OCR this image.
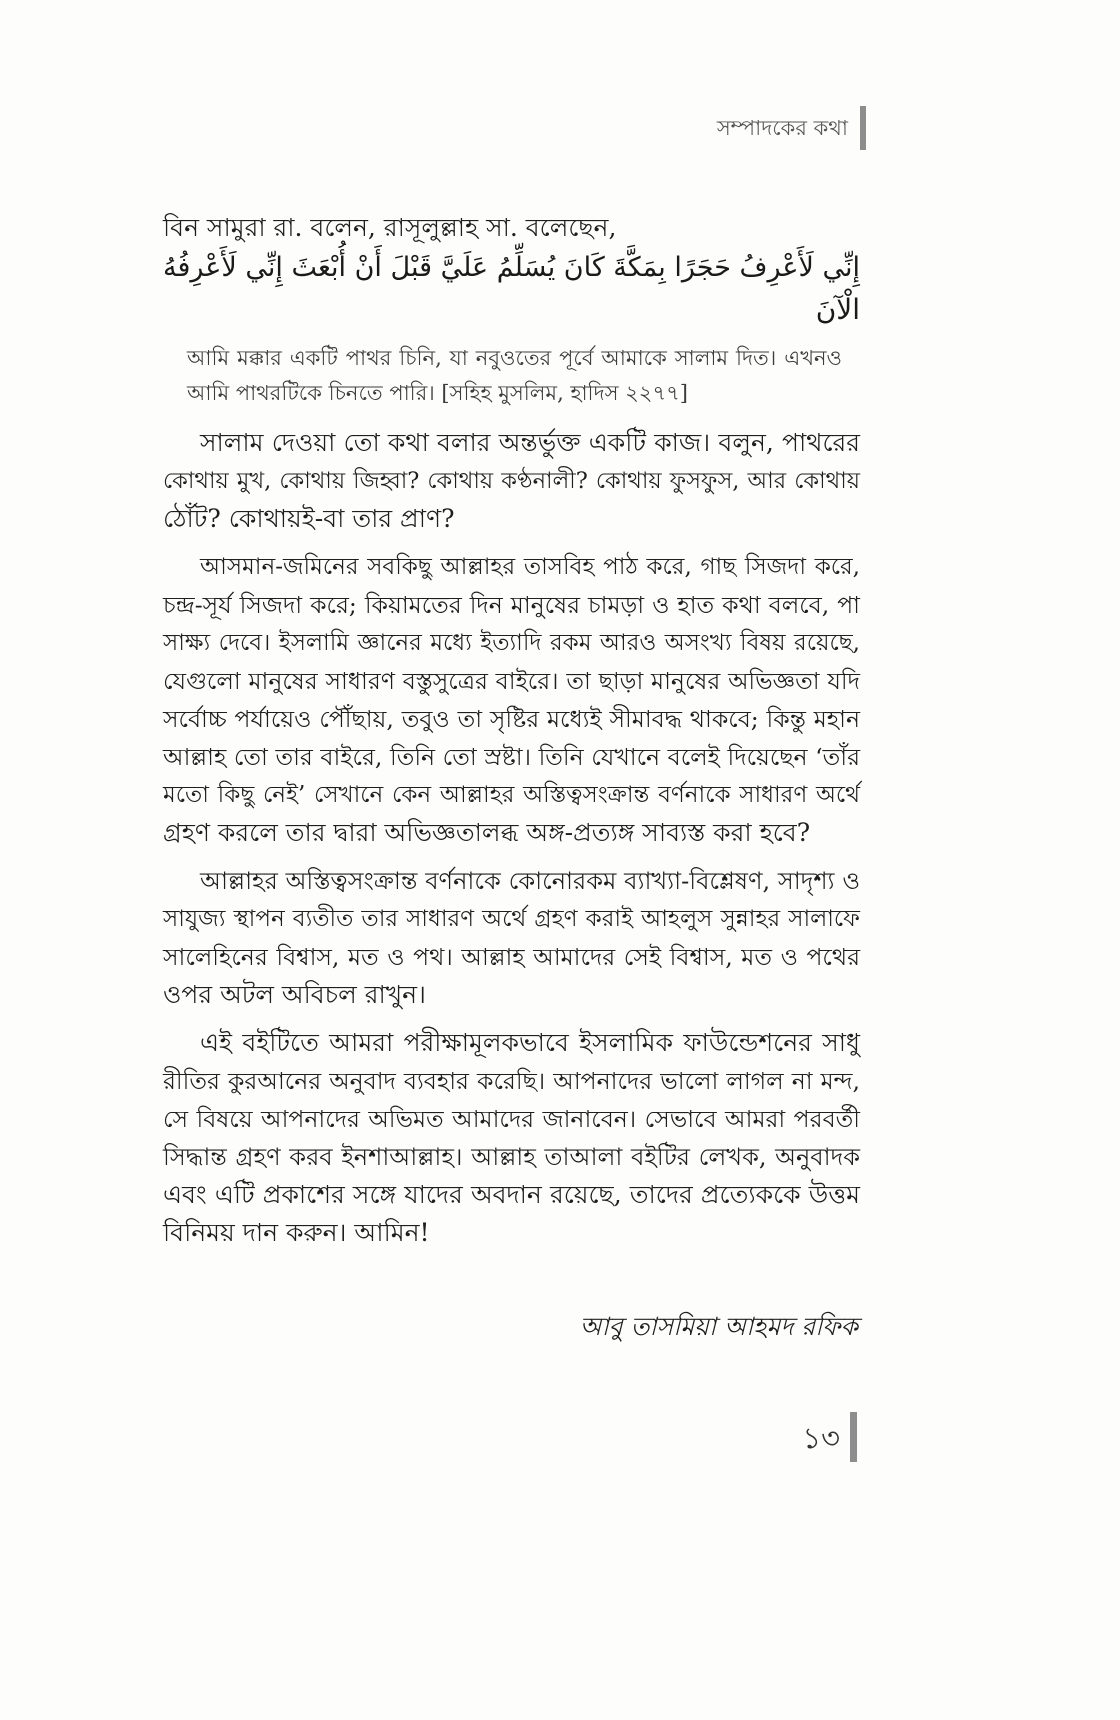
সম্পাদকের কথা
বিন সামুরা রা. বলেন, রাসূলুল্লাহ সা. বলেছেন,
إِنِّي لَأَعْرِفُ حَجَرًا بِمَكَّةَ كَانَ يُسَلِّمُ عَلَيَّ قَبْلَ أَنْ أُبْعَثَ إِنِّي لَأَعْرِفُهُ
الْآنَ
আমি মক্কার একটি পাথর চিনি, যা নবুওতের পূর্বে আমাকে সালাম দিত। এখনও
আমি পাথরটিকে চিনতে পারি। [সহিহ মুসলিম, হাদিস ২২৭৭]
সালাম দেওয়া তো কথা বলার অন্তর্ভুক্ত একটি কাজ। বলুন, পাথরের
কোথায় মুখ, কোথায় জিহ্বা? কোথায় কণ্ঠনালী? কোথায় ফুসফুস, আর কোথায়
ঠোঁট? কোথায়ই-বা তার প্রাণ?
আসমান-জমিনের সবকিছু আল্লাহর তাসবিহ পাঠ করে, গাছ সিজদা করে,
চন্দ্র-সূর্য সিজদা করে; কিয়ামতের দিন মানুষের চামড়া ও হাত কথা বলবে, পা
সাক্ষ্য দেবে। ইসলামি জ্ঞানের মধ্যে ইত্যাদি রকম আরও অসংখ্য বিষয় রয়েছে,
যেগুলো মানুষের সাধারণ বস্তুসুত্রের বাইরে। তা ছাড়া মানুষের অভিজ্ঞতা যদি
সর্বোচ্চ পর্যায়েও পৌঁছায়, তবুও তা সৃষ্টির মধ্যেই সীমাবদ্ধ থাকবে; কিন্তু মহান
আল্লাহ তো তার বাইরে, তিনি তো স্রষ্টা। তিনি যেখানে বলেই দিয়েছেন ‘তাঁর
মতো কিছু নেই’ সেখানে কেন আল্লাহর অস্তিত্বসংক্রান্ত বর্ণনাকে সাধারণ অর্থে
গ্রহণ করলে তার দ্বারা অভিজ্ঞতালব্ধ অঙ্গ-প্রত্যঙ্গ সাব্যস্ত করা হবে?
আল্লাহর অস্তিত্বসংক্রান্ত বর্ণনাকে কোনোরকম ব্যাখ্যা-বিশ্লেষণ, সাদৃশ্য ও
সাযুজ্য স্থাপন ব্যতীত তার সাধারণ অর্থে গ্রহণ করাই আহলুস সুন্নাহর সালাফে
সালেহিনের বিশ্বাস, মত ও পথ। আল্লাহ আমাদের সেই বিশ্বাস, মত ও পথের
ওপর অটল অবিচল রাখুন।
এই বইটিতে আমরা পরীক্ষামূলকভাবে ইসলামিক ফাউন্ডেশনের সাধু
রীতির কুরআনের অনুবাদ ব্যবহার করেছি। আপনাদের ভালো লাগল না মন্দ,
সে বিষয়ে আপনাদের অভিমত আমাদের জানাবেন। সেভাবে আমরা পরবর্তী
সিদ্ধান্ত গ্রহণ করব ইনশাআল্লাহ। আল্লাহ তাআলা বইটির লেখক, অনুবাদক
এবং এটি প্রকাশের সঙ্গে যাদের অবদান রয়েছে, তাদের প্রত্যেককে উত্তম
বিনিময় দান করুন। আমিন!
আবু তাসমিয়া আহমদ রফিক
১৩
